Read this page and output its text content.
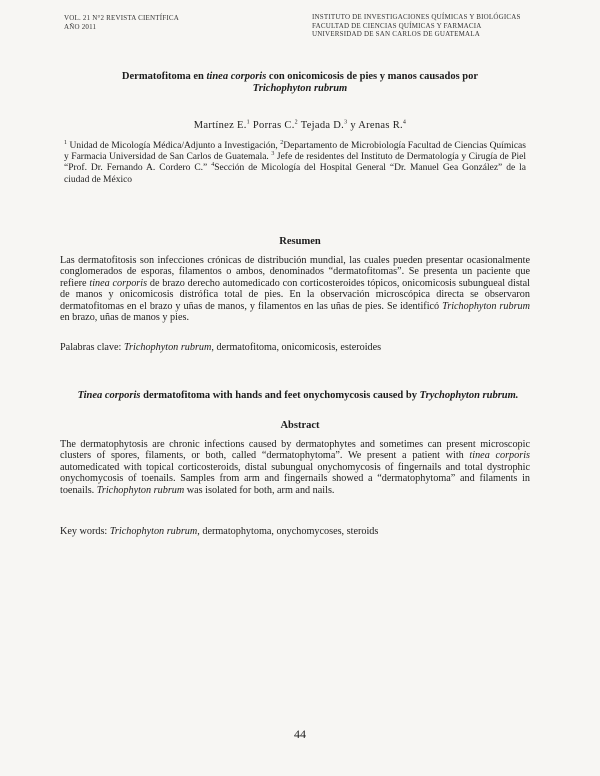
VOL. 21 N°2 REVISTA CIENTÍFICA
AÑO 2011
INSTITUTO DE INVESTIGACIONES QUÍMICAS Y BIOLÓGICAS
FACULTAD DE CIENCIAS QUÍMICAS Y FARMACIA
UNIVERSIDAD DE SAN CARLOS DE GUATEMALA
Dermatofitoma en tinea corporis con onicomicosis de pies y manos causados por
Trichophyton rubrum
Martínez E.$^1$ Porras C.$^2$ Tejada D.$^3$ y Arenas R.$^4$
$^1$ Unidad de Micología Médica/Adjunto a Investigación, $^2$Departamento de Microbiología Facultad de Ciencias Químicas y Farmacia Universidad de San Carlos de Guatemala. $^3$ Jefe de residentes del Instituto de Dermatología y Cirugía de Piel “Prof. Dr. Fernando A. Cordero C.” $^4$Sección de Micología del Hospital General “Dr. Manuel Gea González” de la ciudad de México
Resumen
Las dermatofitosis son infecciones crónicas de distribución mundial, las cuales pueden presentar ocasionalmente conglomerados de esporas, filamentos o ambos, denominados “dermatofitomas”. Se presenta un paciente que refiere tinea corporis de brazo derecho automedicado con corticosteroides tópicos, onicomicosis subungueal distal de manos y onicomicosis distrófica total de pies. En la observación microscópica directa se observaron dermatofitomas en el brazo y uñas de manos, y filamentos en las uñas de pies. Se identificó Trichophyton rubrum en brazo, uñas de manos y pies.
Palabras clave: Trichophyton rubrum, dermatofitoma, onicomicosis, esteroides
Tinea corporis dermatofitoma with hands and feet onychomycosis caused by Trychophyton rubrum.
Abstract
The dermatophytosis are chronic infections caused by dermatophytes and sometimes can present microscopic clusters of spores, filaments, or both, called “dermatophytoma”. We present a patient with tinea corporis automedicated with topical corticosteroids, distal subungual onychomycosis of fingernails and total dystrophic onychomycosis of toenails. Samples from arm and fingernails showed a “dermatophytoma” and filaments in toenails. Trichophyton rubrum was isolated for both, arm and nails.
Key words: Trichophyton rubrum, dermatophytoma, onychomycoses, steroids
44
